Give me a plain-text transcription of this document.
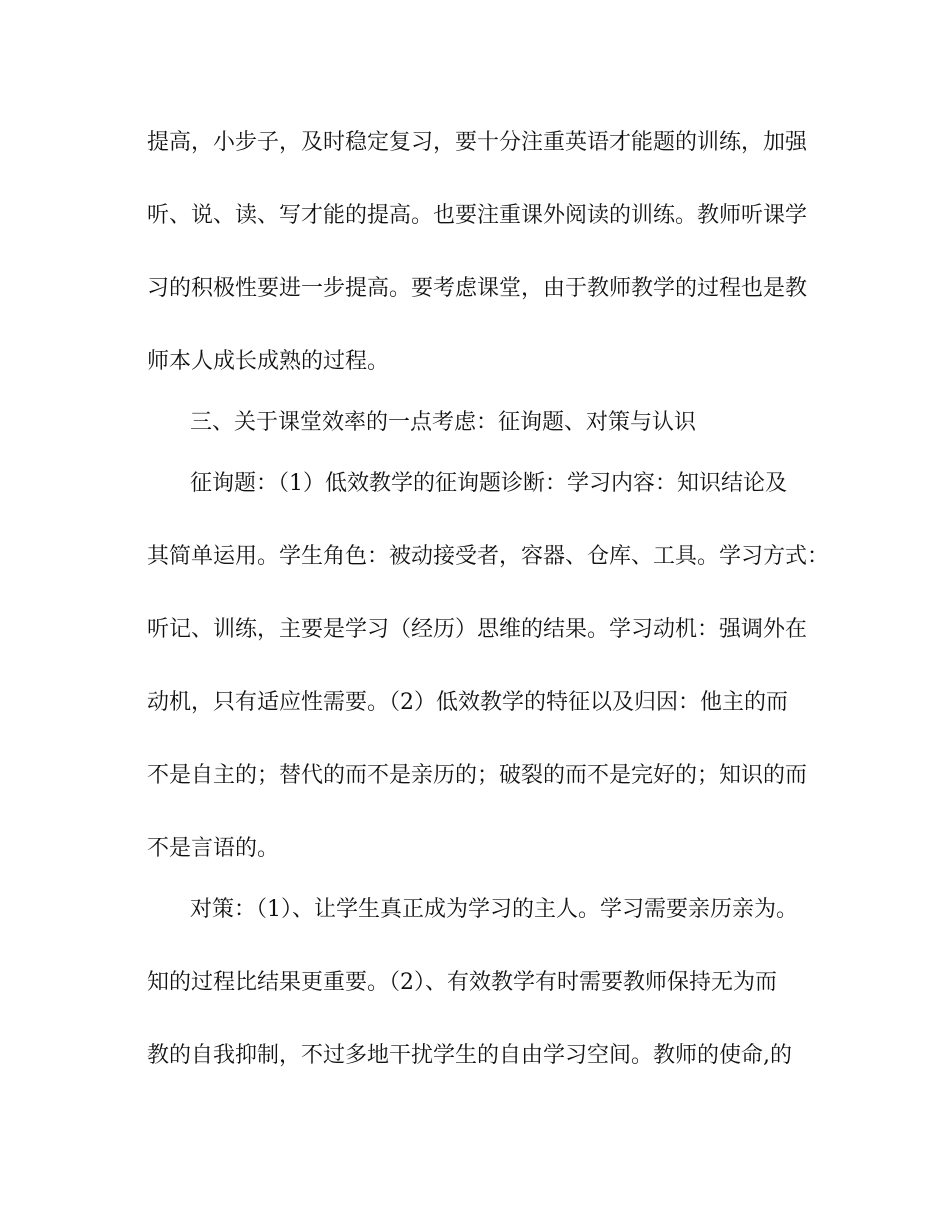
提高，小步子，及时稳定复习，要十分注重英语才能题的训练，加强
听、说、读、写才能的提高。也要注重课外阅读的训练。教师听课学
习的积极性要进一步提高。要考虑课堂，由于教师教学的过程也是教
师本人成长成熟的过程。
三、关于课堂效率的一点考虑：征询题、对策与认识
征询题：（1）低效教学的征询题诊断：学习内容：知识结论及
其简单运用。学生角色：被动接受者，容器、仓库、工具。学习方式：
听记、训练，主要是学习（经历）思维的结果。学习动机：强调外在
动机，只有适应性需要。（2）低效教学的特征以及归因：他主的而
不是自主的；替代的而不是亲历的；破裂的而不是完好的；知识的而
不是言语的。
对策：（1）、让学生真正成为学习的主人。学习需要亲历亲为。
知的过程比结果更重要。（2）、有效教学有时需要教师保持无为而
教的自我抑制，不过多地干扰学生的自由学习空间。教师的使命,的
